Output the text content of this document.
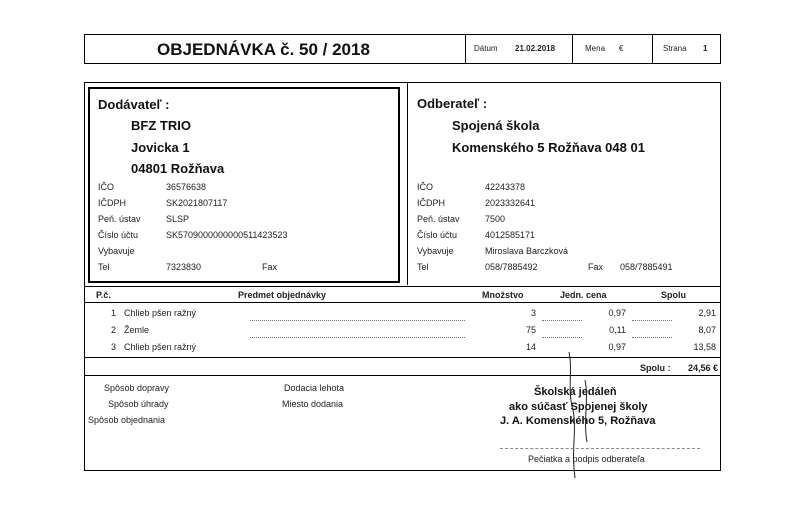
OBJEDNÁVKA č. 50 / 2018	Dátum 21.02.2018	Mena €	Strana 1
Dodávateľ :
BFZ TRIO
Jovicka 1
04801 Rožňava
IČO	36576638
IČDPH	SK2021807117
Peň. ústav	SLSP
Číslo účtu	SK5709000000000511423523
Vybavuje
Tel	7323830	Fax
Odberateľ :
Spojená škola
Komenského 5 Rožňava 048 01
IČO	42243378
IČDPH	2023332641
Peň. ústav	7500
Číslo účtu	4012585171
Vybavuje	Miroslava Barczková
Tel	058/7885492	Fax 058/7885491
P.č.	Predmet objednávky	Množstvo	Jedn. cena	Spolu
1 Chlieb pšen ražný	3	0,97	2,91
2 Žemle	75	0,11	8,07
3 Chlieb pšen ražný	14	0,97	13,58
Spolu :	24,56 €
Spôsob dopravy
Spôsob úhrady
Spôsob objednania
Dodacia lehota
Miesto dodania
Školská jedáleň
ako súčasť Spojenej školy
J. A. Komenského 5, Rožňava
Pečiatka a podpis odberateľa
